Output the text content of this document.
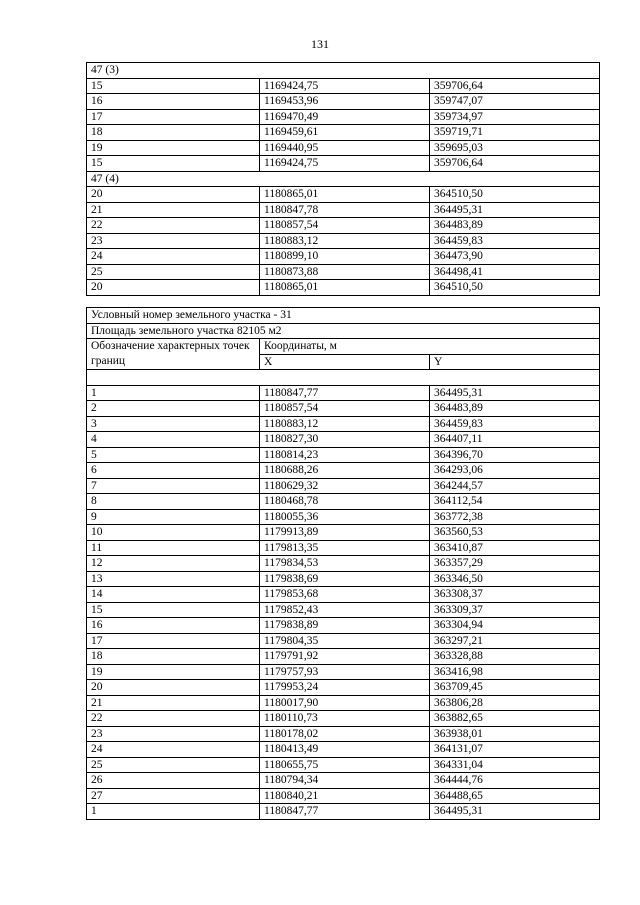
131
47 (3)		
15	1169424,75	359706,64
16	1169453,96	359747,07
17	1169470,49	359734,97
18	1169459,61	359719,71
19	1169440,95	359695,03
15	1169424,75	359706,64
47 (4)		
20	1180865,01	364510,50
21	1180847,78	364495,31
22	1180857,54	364483,89
23	1180883,12	364459,83
24	1180899,10	364473,90
25	1180873,88	364498,41
20	1180865,01	364510,50
Условный номер земельного участка - 31		
Площадь земельного участка 82105 м2		
Обозначение характерных точек границ	Координаты, м	
	X	Y

1	1180847,77	364495,31
2	1180857,54	364483,89
3	1180883,12	364459,83
4	1180827,30	364407,11
5	1180814,23	364396,70
6	1180688,26	364293,06
7	1180629,32	364244,57
8	1180468,78	364112,54
9	1180055,36	363772,38
10	1179913,89	363560,53
11	1179813,35	363410,87
12	1179834,53	363357,29
13	1179838,69	363346,50
14	1179853,68	363308,37
15	1179852,43	363309,37
16	1179838,89	363304,94
17	1179804,35	363297,21
18	1179791,92	363328,88
19	1179757,93	363416,98
20	1179953,24	363709,45
21	1180017,90	363806,28
22	1180110,73	363882,65
23	1180178,02	363938,01
24	1180413,49	364131,07
25	1180655,75	364331,04
26	1180794,34	364444,76
27	1180840,21	364488,65
1	1180847,77	364495,31
